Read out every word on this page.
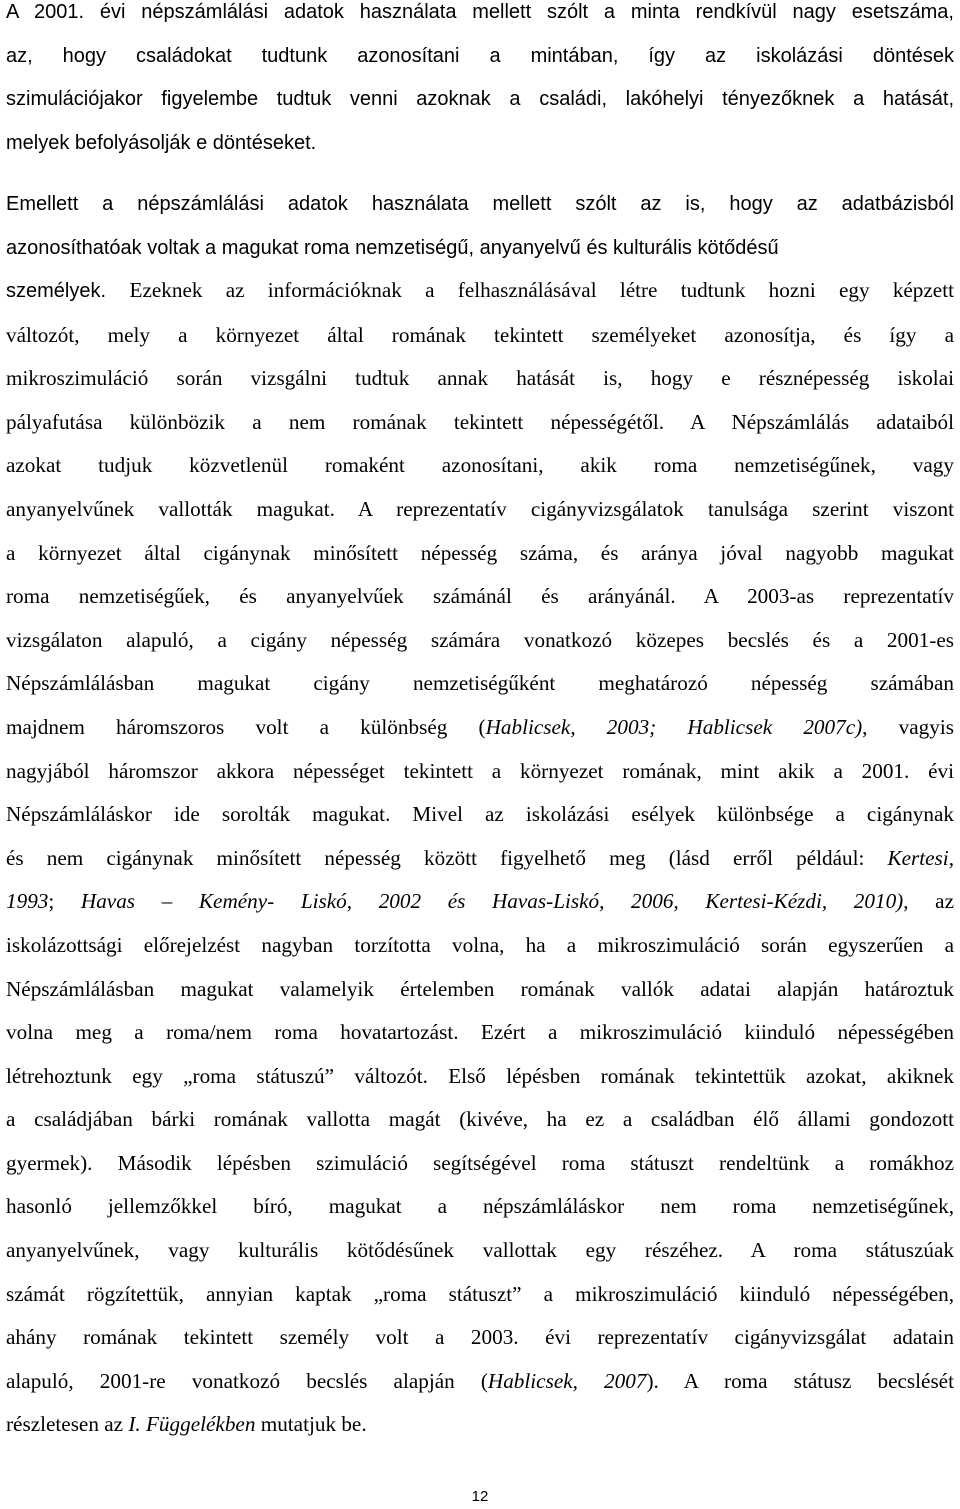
A 2001. évi népszámlálási adatok használata mellett szólt a minta rendkívül nagy esetszáma,
az, hogy családokat tudtunk azonosítani a mintában, így az iskolázási döntések
szimulációjakor figyelembe tudtuk venni azoknak a családi, lakóhelyi tényezőknek a hatását,
melyek befolyásolják e döntéseket.
Emellett a népszámlálási adatok használata mellett szólt az is, hogy az adatbázisból
azonosíthatóak voltak a magukat roma nemzetiségű, anyanyelvű és kulturális kötődésű
személyek. Ezeknek az információknak a felhasználásával létre tudtunk hozni egy képzett
változót, mely a környezet által romának tekintett személyeket azonosítja, és így a
mikroszimuláció során vizsgálni tudtuk annak hatását is, hogy e résznépesség iskolai
pályafutása különbözik a nem romának tekintett népességétől. A Népszámlálás adataiból
azokat tudjuk közvetlenül romaként azonosítani, akik roma nemzetiségűnek, vagy
anyanyelvűnek vallották magukat. A reprezentatív cigányvizsgálatok tanulsága szerint viszont
a környezet által cigánynak minősített népesség száma, és aránya jóval nagyobb magukat
roma nemzetiségűek, és anyanyelvűek számánál és arányánál. A 2003-as reprezentatív
vizsgálaton alapuló, a cigány népesség számára vonatkozó közepes becslés és a 2001-es
Népszámlálásban magukat cigány nemzetiségűként meghatározó népesség számában
majdnem háromszoros volt a különbség (Hablicsek, 2003; Hablicsek 2007c), vagyis
nagyjából háromszor akkora népességet tekintett a környezet romának, mint akik a 2001. évi
Népszámláláskor ide sorolták magukat. Mivel az iskolázási esélyek különbsége a cigánynak
és nem cigánynak minősített népesség között figyelhető meg (lásd erről például: Kertesi,
1993; Havas – Kemény- Liskó, 2002 és Havas-Liskó, 2006, Kertesi-Kézdi, 2010), az
iskolázottsági előrejelzést nagyban torzította volna, ha a mikroszimuláció során egyszerűen a
Népszámlálásban magukat valamelyik értelemben romának vallók adatai alapján határoztuk
volna meg a roma/nem roma hovatartozást. Ezért a mikroszimuláció kiinduló népességében
létrehoztunk egy „roma státuszú” változót. Első lépésben romának tekintettük azokat, akiknek
a családjában bárki romának vallotta magát (kivéve, ha ez a családban élő állami gondozott
gyermek). Második lépésben szimuláció segítségével roma státuszt rendeltünk a romákhoz
hasonló jellemzőkkel bíró, magukat a népszámláláskor nem roma nemzetiségűnek,
anyanyelvűnek, vagy kulturális kötődésűnek vallottak egy részéhez. A roma státuszúak
számát rögzítettük, annyian kaptak „roma státuszt” a mikroszimuláció kiinduló népességében,
ahány romának tekintett személy volt a 2003. évi reprezentatív cigányvizsgálat adatain
alapuló, 2001-re vonatkozó becslés alapján (Hablicsek, 2007). A roma státusz becslését
részletesen az I. Függelékben mutatjuk be.
12
